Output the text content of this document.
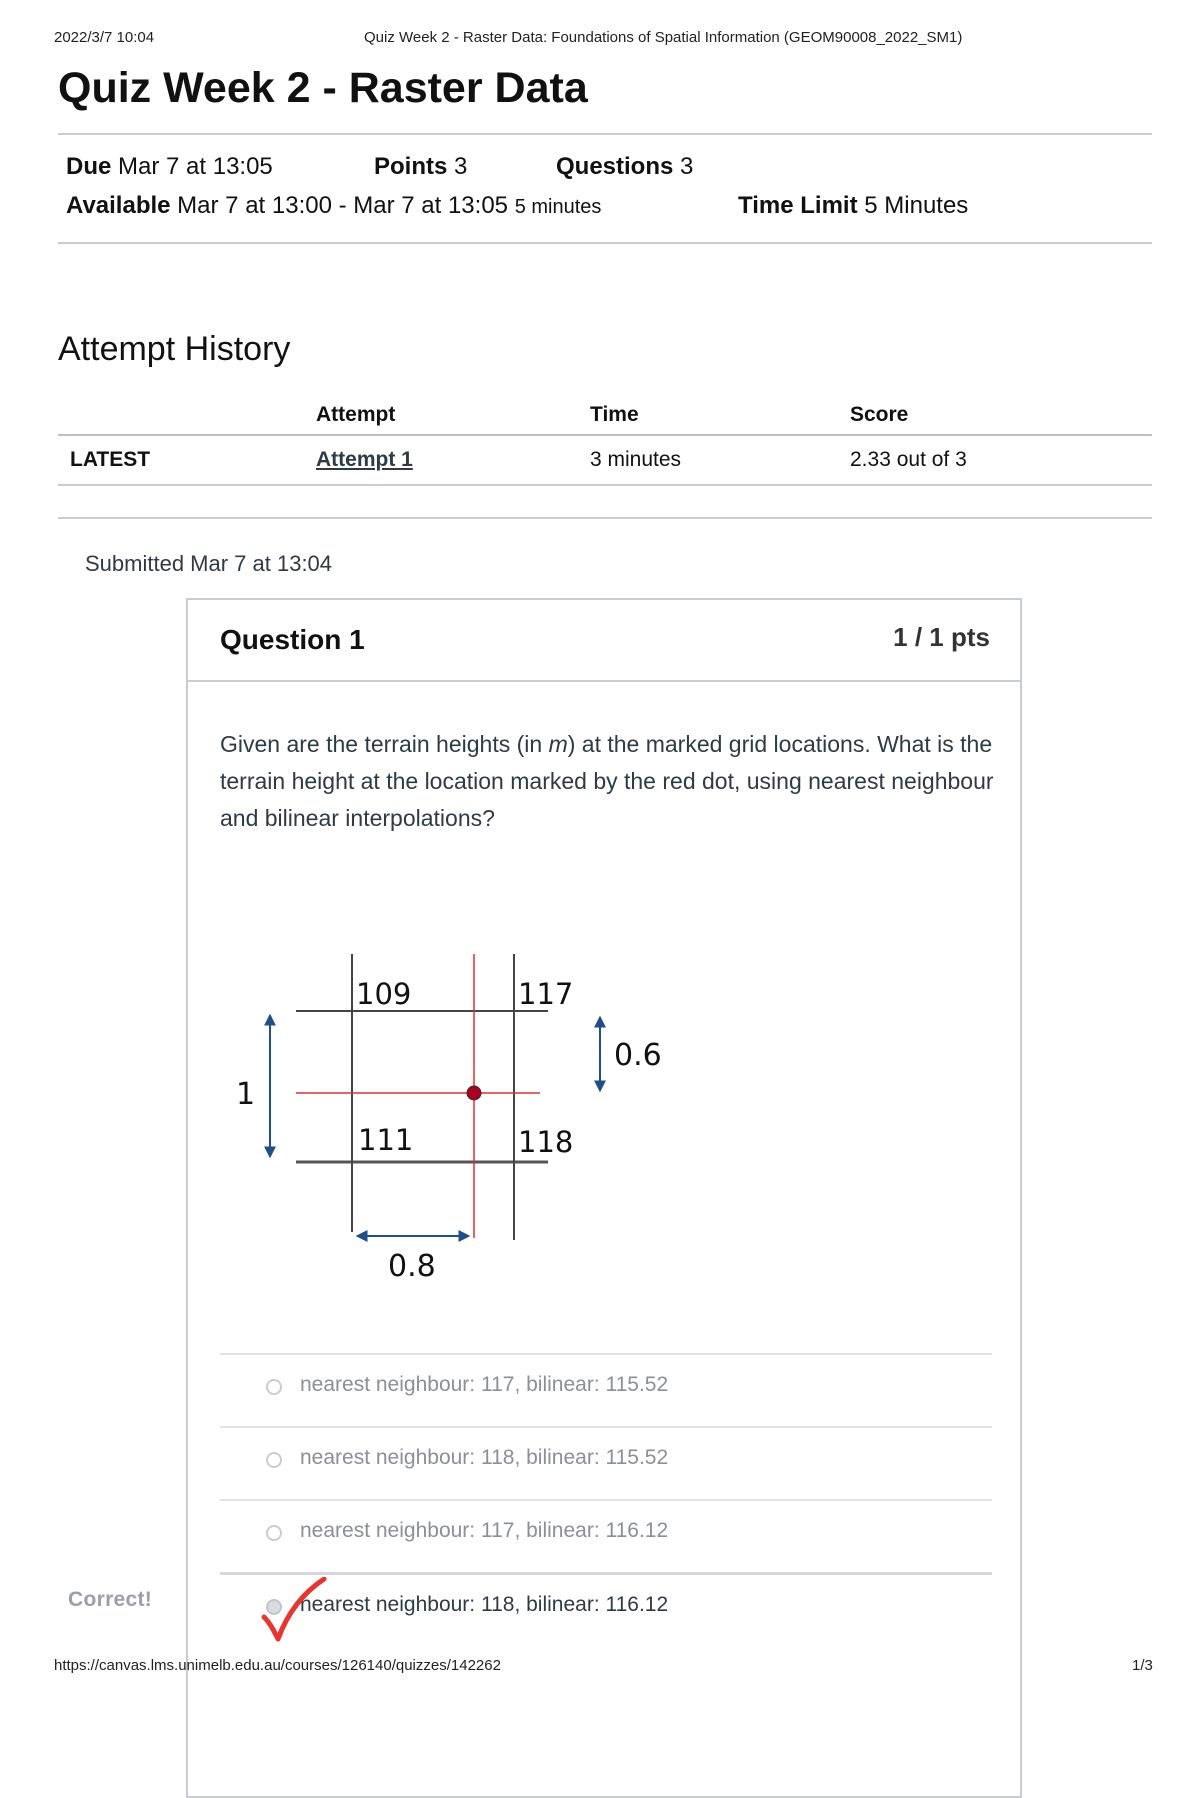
2022/3/7 10:04	Quiz Week 2 - Raster Data: Foundations of Spatial Information (GEOM90008_2022_SM1)
Quiz Week 2 - Raster Data
Due Mar 7 at 13:05	Points 3	Questions 3
Available Mar 7 at 13:00 - Mar 7 at 13:05 5 minutes	Time Limit 5 Minutes
Attempt History
	Attempt	Time	Score
LATEST	Attempt 1	3 minutes	2.33 out of 3
Submitted Mar 7 at 13:04
Question 1	1 / 1 pts
Given are the terrain heights (in m) at the marked grid locations. What is the terrain height at the location marked by the red dot, using nearest neighbour and bilinear interpolations?
109	117
111	118
1
0.6
0.8
nearest neighbour: 117, bilinear: 115.52
nearest neighbour: 118, bilinear: 115.52
nearest neighbour: 117, bilinear: 116.12
nearest neighbour: 118, bilinear: 116.12
Correct!
https://canvas.lms.unimelb.edu.au/courses/126140/quizzes/142262	1/3
